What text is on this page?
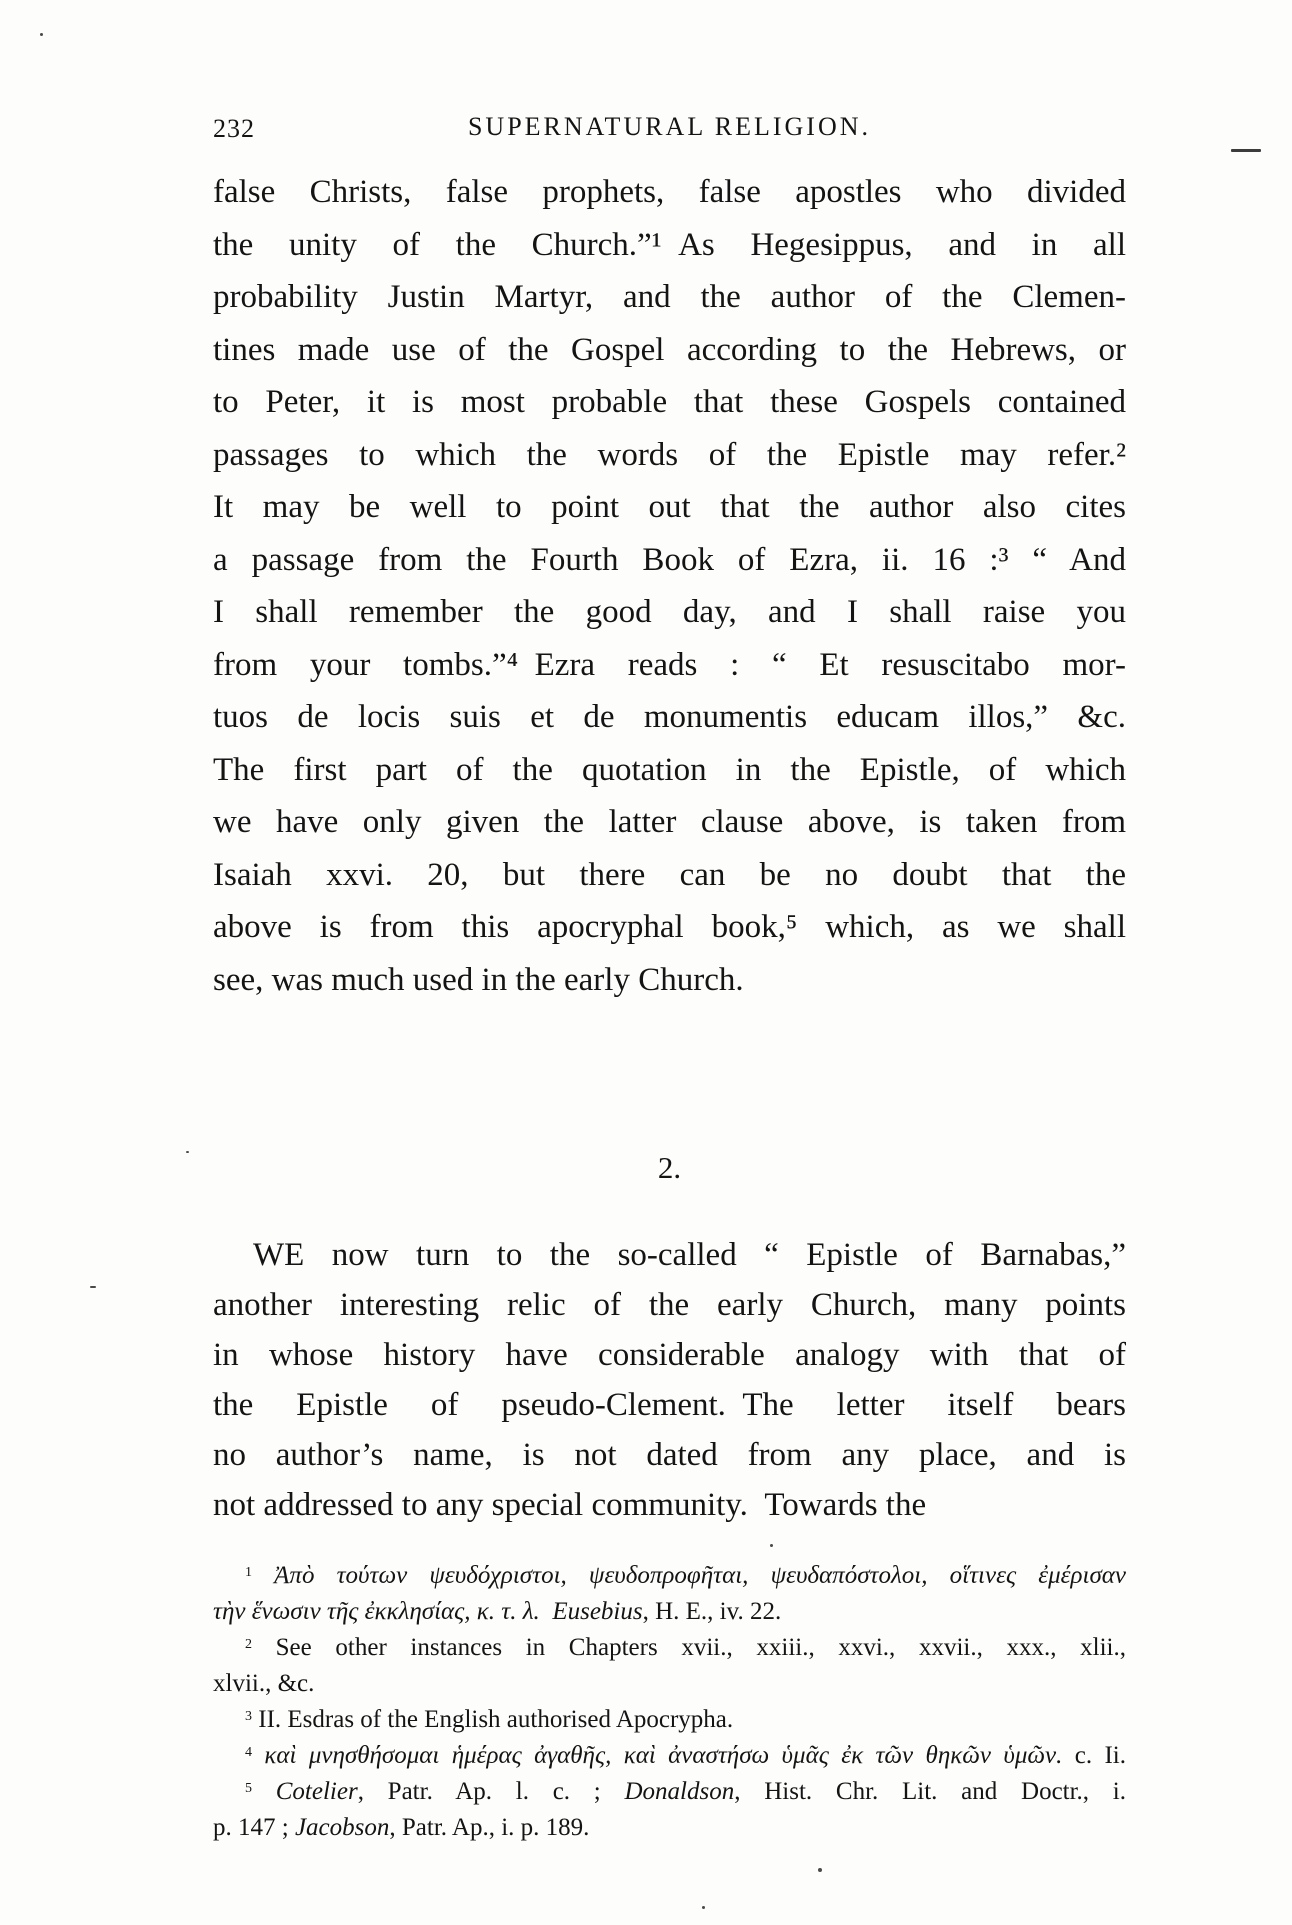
232	SUPERNATURAL RELIGION.
false Christs, false prophets, false apostles who divided
the unity of the Church.”¹ As Hegesippus, and in all
probability Justin Martyr, and the author of the Clemen-
tines made use of the Gospel according to the Hebrews, or
to Peter, it is most probable that these Gospels contained
passages to which the words of the Epistle may refer.²
It may be well to point out that the author also cites
a passage from the Fourth Book of Ezra, ii. 16 :³ “ And
I shall remember the good day, and I shall raise you
from your tombs.”⁴ Ezra reads : “ Et resuscitabo mor-
tuos de locis suis et de monumentis educam illos,” &c.
The first part of the quotation in the Epistle, of which
we have only given the latter clause above, is taken from
Isaiah xxvi. 20, but there can be no doubt that the
above is from this apocryphal book,⁵ which, as we shall
see, was much used in the early Church.
2.
WE now turn to the so-called “ Epistle of Barnabas,”
another interesting relic of the early Church, many points
in whose history have considerable analogy with that of
the Epistle of pseudo-Clement. The letter itself bears
no author’s name, is not dated from any place, and is
not addressed to any special community. Towards the
$^1$ Ἀπὸ τούτων ψευδόχριστοι, ψευδοπροφῆται, ψευδαπόστολοι, οἵτινες ἐμέρισαν
τὴν ἕνωσιν τῆς ἐκκλησίας, κ. τ. λ. Eusebius, H. E., iv. 22.
$^2$ See other instances in Chapters xvii., xxiii., xxvi., xxvii., xxx., xlii.,
xlvii., &c.
$^3$ II. Esdras of the English authorised Apocrypha.
$^4$ καὶ μνησθήσομαι ἡμέρας ἀγαθῆς, καὶ ἀναστήσω ὑμᾶς ἐκ τῶν θηκῶν ὑμῶν. c. Ii.
$^5$ Cotelier, Patr. Ap. l. c. ; Donaldson, Hist. Chr. Lit. and Doctr., i.
p. 147 ; Jacobson, Patr. Ap., i. p. 189.
